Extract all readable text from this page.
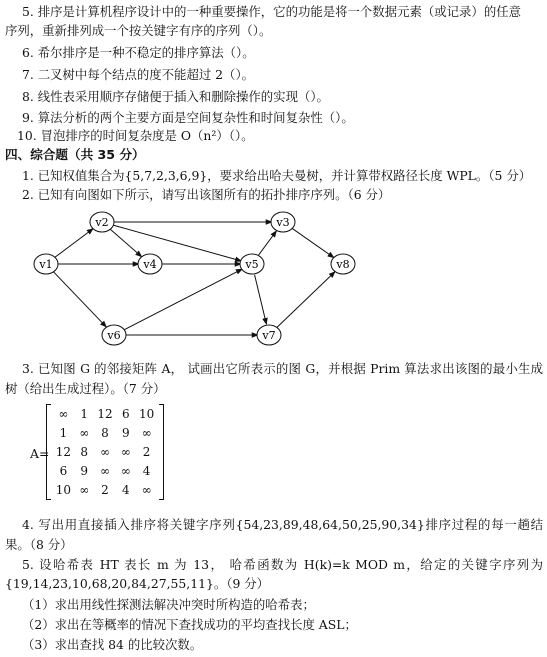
5. 排序是计算机程序设计中的一种重要操作，它的功能是将一个数据元素（或记录）的任意
序列，重新排列成一个按关键字有序的序列（）。
6. 希尔排序是一种不稳定的排序算法（）。
7. 二叉树中每个结点的度不能超过 2（）。
8. 线性表采用顺序存储便于插入和删除操作的实现（）。
9. 算法分析的两个主要方面是空间复杂性和时间复杂性（）。
10. 冒泡排序的时间复杂度是 O（n²）（）。
四、综合题（共 35 分）
1. 已知权值集合为{5,7,2,3,6,9}，要求给出哈夫曼树，并计算带权路径长度 WPL。（5 分）
2. 已知有向图如下所示，请写出该图所有的拓扑排序序列。（6 分）
3. 已知图 G 的邻接矩阵 A， 试画出它所表示的图 G，并根据 Prim 算法求出该图的最小生成
树（给出生成过程）。（7 分）
4. 写出用直接插入排序将关键字序列{54,23,89,48,64,50,25,90,34}排序过程的每一趟结
果。（8 分）
5. 设哈希表 HT 表长 m 为 13， 哈希函数为 H(k)=k MOD m，给定的关键字序列为
{19,14,23,10,68,20,84,27,55,11}。（9 分）
（1）求出用线性探测法解决冲突时所构造的哈希表；
（2）求出在等概率的情况下查找成功的平均查找长度 ASL；
（3）求出查找 84 的比较次数。
v1
v2	v3
v4	v5
v6	v7
v8
A=
∞ 1 12 6 10
1 ∞ 8	9 ∞
12 8 ∞ ∞ 2
6	9 ∞ ∞ 4
10 ∞ 2	4 ∞
